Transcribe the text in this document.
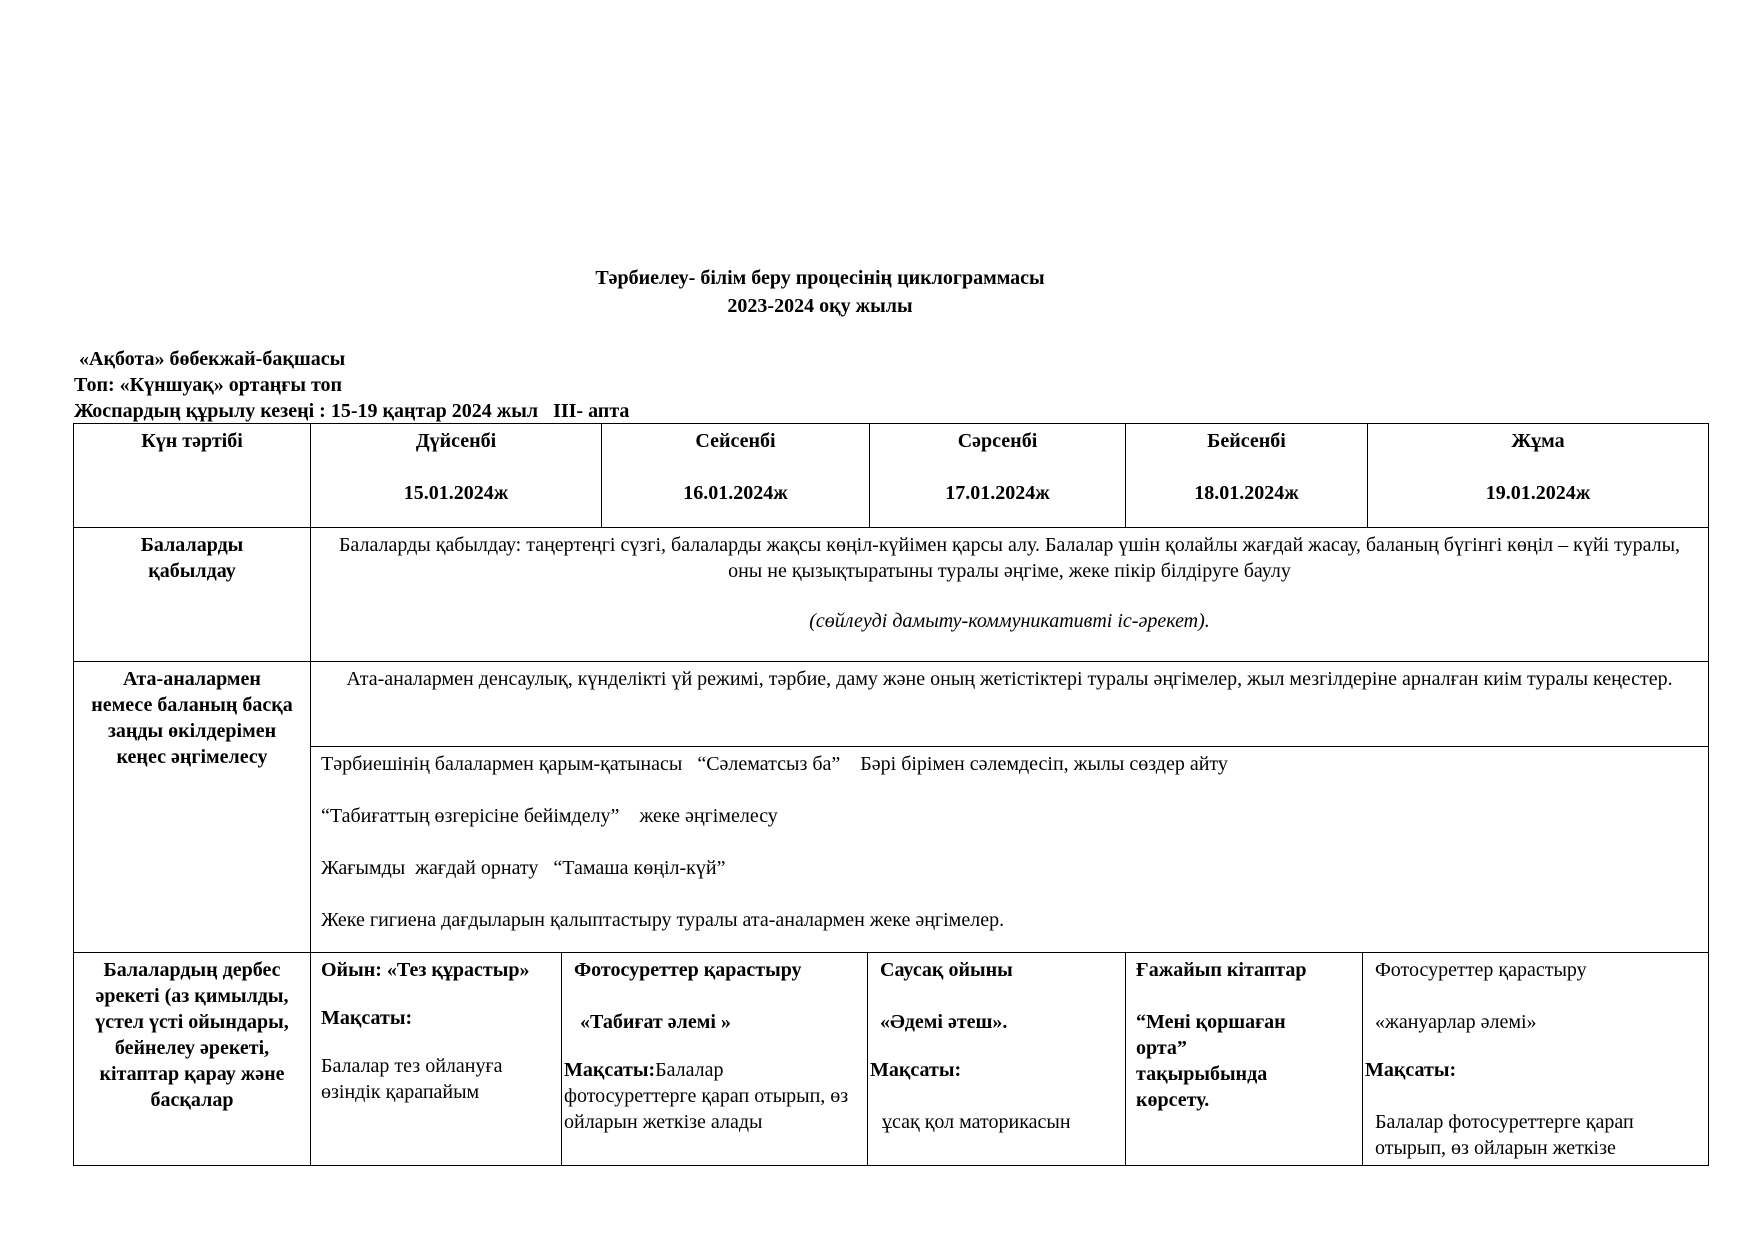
Тәрбиелеу- білім беру процесінің циклограммасы
2023-2024 оқу жылы
«Ақбота» бөбекжай-бақшасы
Топ: «Күншуақ» ортаңғы топ
Жоспардың құрылу кезеңі : 15-19 қаңтар 2024 жыл   ІІІ- апта
Күн тәртібі	Дүйсенбі
15.01.2024ж
Сейсенбі
16.01.2024ж
Сәрсенбі
17.01.2024ж
Бейсенбі
18.01.2024ж
Жұма
19.01.2024ж
Балаларды қабылдау
Балаларды қабылдау: таңертеңгі сүзгі, балаларды жақсы көңіл-күйімен қарсы алу. Балалар үшін қолайлы жағдай жасау, баланың бүгінгі көңіл – күйі туралы, оны не қызықтыратыны туралы әңгіме, жеке пікір білдіруге баулу
(сөйлеуді дамыту-коммуникативті іс-әрекет).
Ата-аналармен немесе баланың басқа заңды өкілдерімен кеңес әңгімелесу
Ата-аналармен денсаулық, күнделікті үй режимі, тәрбие, даму және оның жетістіктері туралы әңгімелер, жыл мезгілдеріне арналған киім туралы кеңестер.
Тәрбиешінің балалармен қарым-қатынасы   “Сәлематсыз ба”    Бәрі бірімен сәлемдесіп, жылы сөздер айту
“Табиғаттың өзгерісіне бейімделу”    жеке әңгімелесу
Жағымды  жағдай орнату   “Тамаша көңіл-күй”
Жеке гигиена дағдыларын қалыптастыру туралы ата-аналармен жеке әңгімелер.
Балалардың дербес әрекеті (аз қимылды, үстел үсті ойындары, бейнелеу әрекеті, кітаптар қарау және басқалар
Ойын: «Тез құрастыр»
Мақсаты:
Балалар тез ойлануға өзіндік қарапайым
Фотосуреттер қарастыру
«Табиғат әлемі »
Мақсаты:Балалар
фотосуреттерге қарап отырып, өз ойларын жеткізе алады
Саусақ ойыны
«Әдемі әтеш».
Мақсаты:
ұсақ қол маторикасын
Ғажайып кітаптар
“Мені қоршаған орта” тақырыбында көрсету.
Фотосуреттер қарастыру
«жануарлар әлемі»
Мақсаты:
Балалар фотосуреттерге қарап отырып, өз ойларын жеткізе
